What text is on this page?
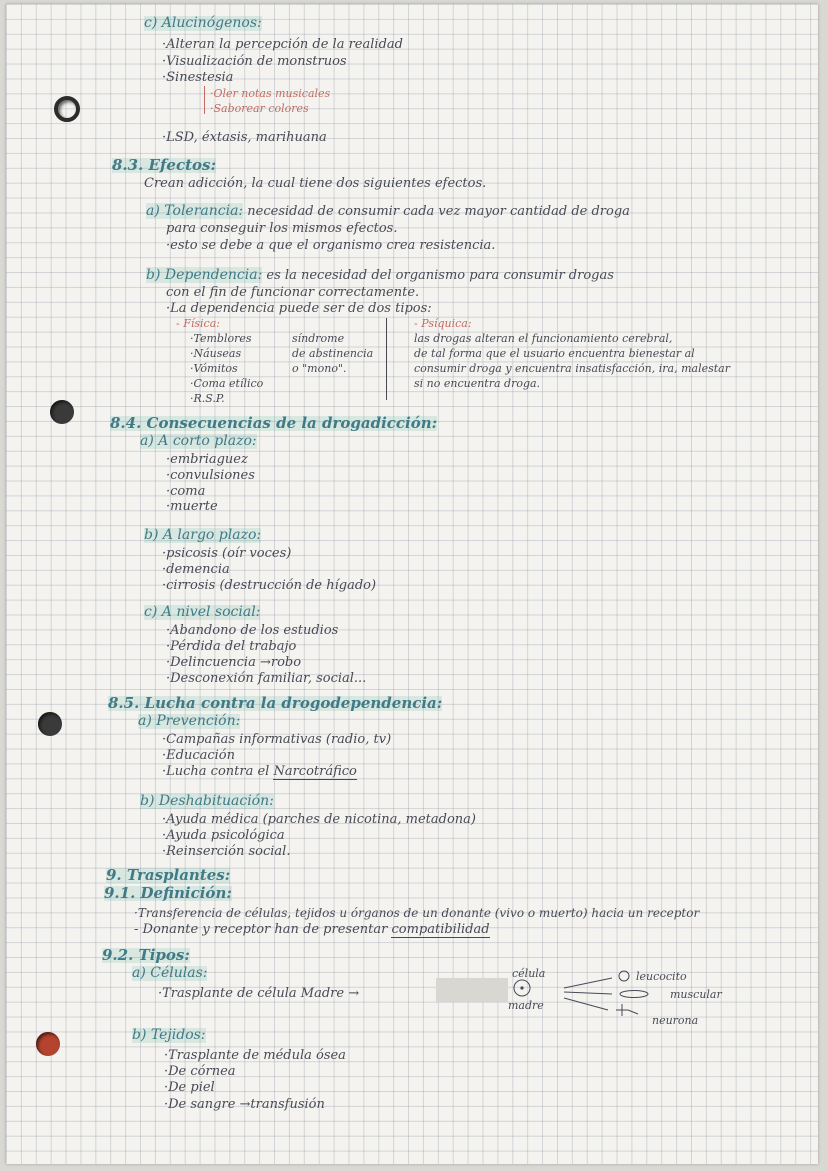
c) Alucinógenos:
·Alteran la percepción de la realidad
·Visualización de monstruos
·Sinestesia
·Oler notas musicales
·Saborear colores
·LSD, éxtasis, marihuana
8.3. Efectos:
Crean adicción, la cual tiene dos siguientes efectos.
a) Tolerancia: necesidad de consumir cada vez mayor cantidad de droga
para conseguir los mismos efectos.
·esto se debe a que el organismo crea resistencia.
b) Dependencia: es la necesidad del organismo para consumir drogas
con el fin de funcionar correctamente.
·La dependencia puede ser de dos tipos:
- Física:
·Temblores
·Náuseas
·Vómitos
·Coma etílico
·R.S.P.
síndrome
de abstinencia
o "mono".
- Psíquica:
las drogas alteran el funcionamiento cerebral,
de tal forma que el usuario encuentra bienestar al
consumir droga y encuentra insatisfacción, ira, malestar
si no encuentra droga.
8.4. Consecuencias de la drogadicción:
a) A corto plazo:
·embriaguez
·convulsiones
·coma
·muerte
b) A largo plazo:
·psicosis (oír voces)
·demencia
·cirrosis (destrucción de hígado)
c) A nivel social:
·Abandono de los estudios
·Pérdida del trabajo
·Delincuencia →robo
·Desconexión familiar, social...
8.5. Lucha contra la drogodependencia:
a) Prevención:
·Campañas informativas (radio, tv)
·Educación
·Lucha contra el Narcotráfico
b) Deshabituación:
·Ayuda médica (parches de nicotina, metadona)
·Ayuda psicológica
·Reinserción social.
9. Trasplantes:
9.1. Definición:
·Transferencia de células, tejidos u órganos de un donante (vivo o muerto) hacia un receptor
- Donante y receptor han de presentar compatibilidad
9.2. Tipos:
a) Células:
·Trasplante de célula Madre →
célula
madre
leucocito
muscular
neurona
b) Tejidos:
·Trasplante de médula ósea
·De córnea
·De piel
·De sangre →transfusión
